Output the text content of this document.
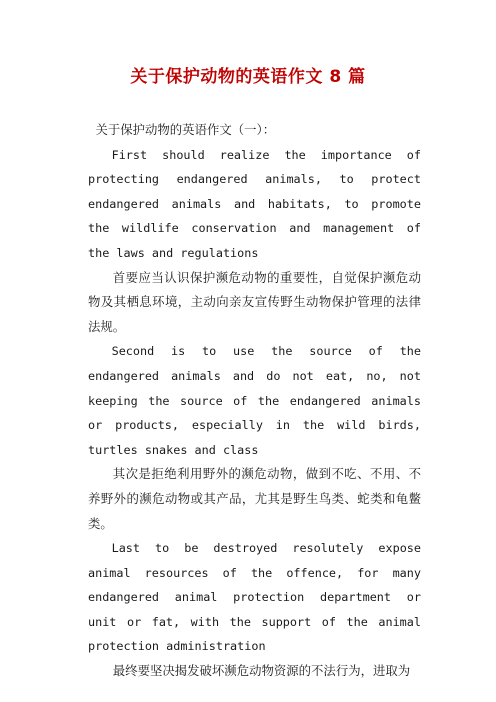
关于保护动物的英语作文 8 篇

关于保护动物的英语作文（一）：

First should realize the importance of protecting endangered animals, to protect endangered animals and habitats, to promote the wildlife conservation and management of the laws and regulations

首要应当认识保护濒危动物的重要性，自觉保护濒危动物及其栖息环境，主动向亲友宣传野生动物保护管理的法律法规。

Second is to use the source of the endangered animals and do not eat, no, not keeping the source of the endangered animals or products, especially in the wild birds, turtles snakes and class

其次是拒绝利用野外的濒危动物，做到不吃、不用、不养野外的濒危动物或其产品，尤其是野生鸟类、蛇类和龟鳖类。

Last to be destroyed resolutely expose animal resources of the offence, for many endangered animal protection department or unit or fat, with the support of the animal protection administration

最终要坚决揭发破坏濒危动物资源的不法行为，进取为
